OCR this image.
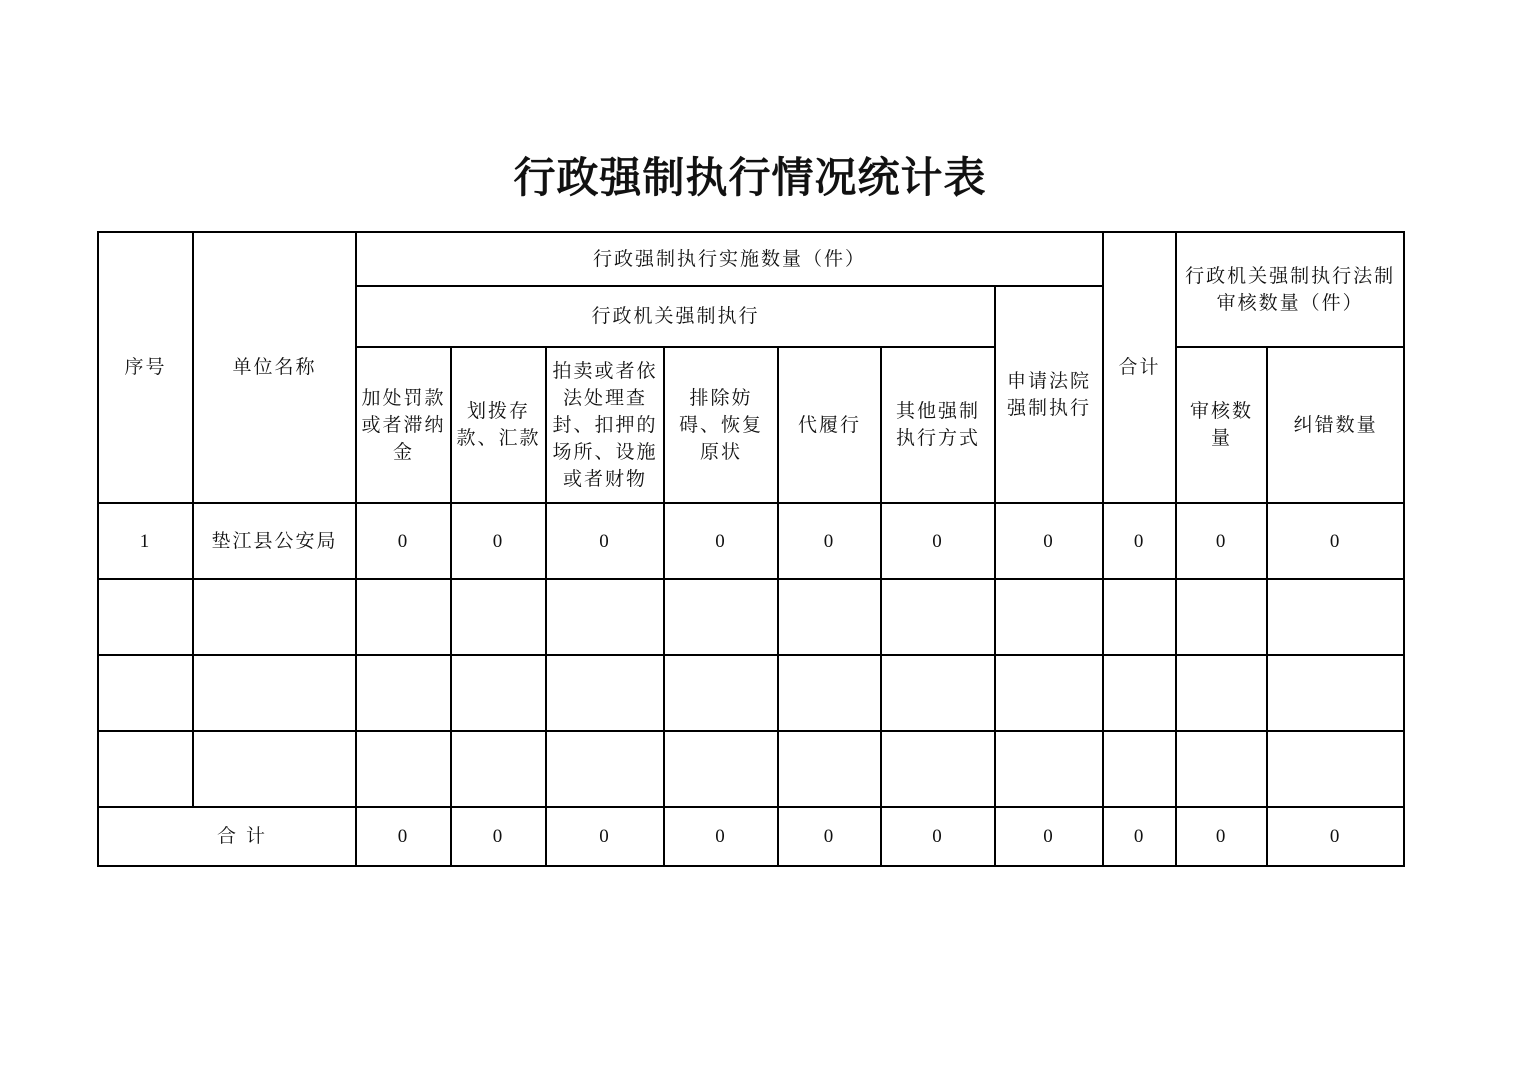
行政强制执行情况统计表
序号	单位名称	行政强制执行实施数量（件）							合计	行政机关强制执行法制审核数量（件）	
		行政机关强制执行						申请法院强制执行			
		加处罚款或者滞纳金	划拨存款、汇款	拍卖或者依法处理查封、扣押的场所、设施或者财物	排除妨碍、恢复原状	代履行	其他强制执行方式			审核数量	纠错数量
1	垫江县公安局	0	0	0	0	0	0	0	0	0	0

合 计		0	0	0	0	0	0	0	0	0	0
